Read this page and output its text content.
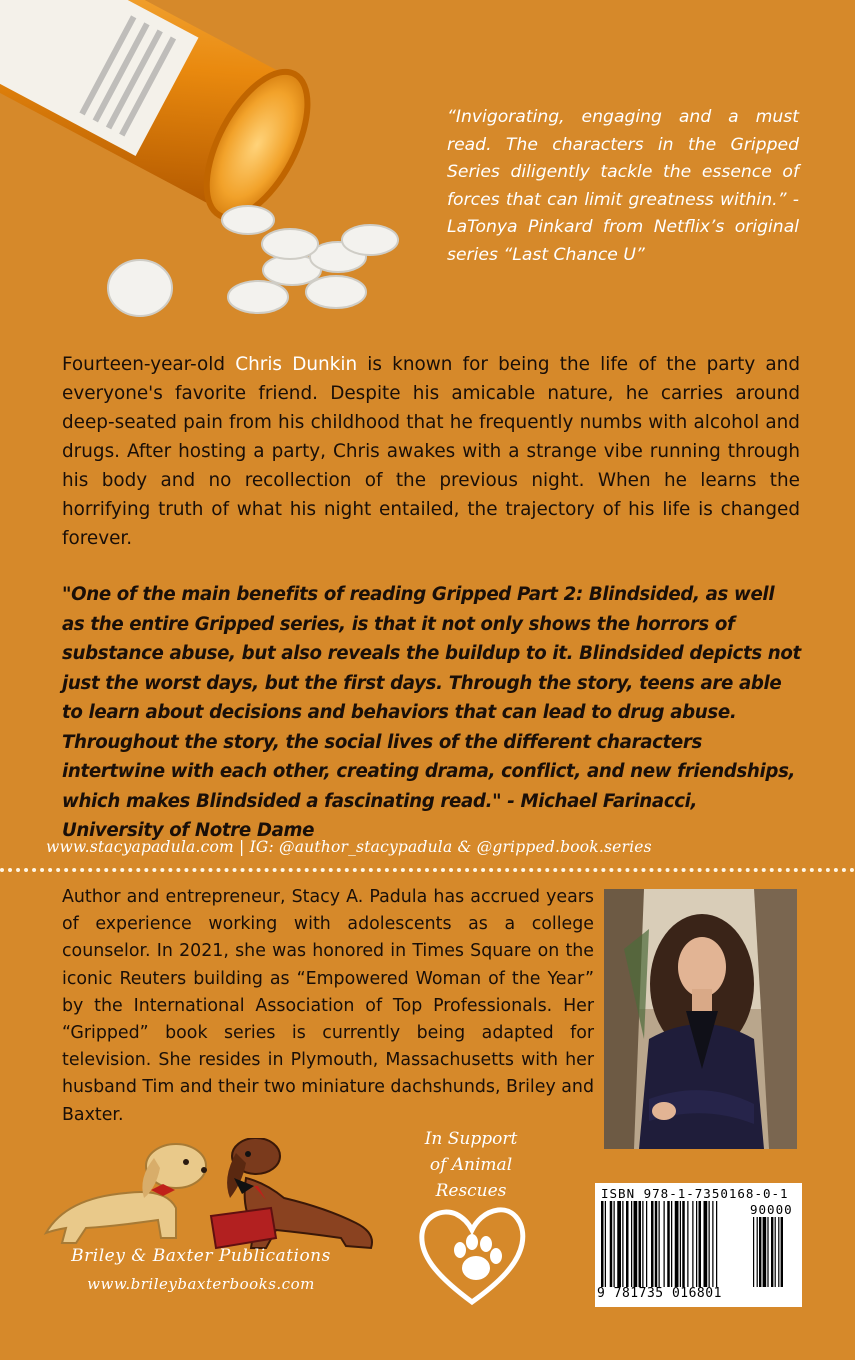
“Invigorating, engaging and a must read. The characters in the Gripped Series diligently tackle the essence of forces that can limit greatness within.” - LaTonya Pinkard from Netflix’s original series “Last Chance U”
Fourteen-year-old Chris Dunkin is known for being the life of the party and everyone's favorite friend. Despite his amicable nature, he carries around deep-seated pain from his childhood that he frequently numbs with alcohol and drugs. After hosting a party, Chris awakes with a strange vibe running through his body and no recollection of the previous night. When he learns the horrifying truth of what his night entailed, the trajectory of his life is changed forever.
"One of the main benefits of reading Gripped Part 2: Blindsided, as well as the entire Gripped series, is that it not only shows the horrors of substance abuse, but also reveals the buildup to it. Blindsided depicts not just the worst days, but the first days. Through the story, teens are able to learn about decisions and behaviors that can lead to drug abuse. Throughout the story, the social lives of the different characters intertwine with each other, creating drama, conflict, and new friendships, which makes Blindsided a fascinating read." - Michael Farinacci, University of Notre Dame
www.stacyapadula.com | IG: @author_stacypadula & @gripped.book.series
Author and entrepreneur, Stacy A. Padula has accrued years of experience working with adolescents as a college counselor. In 2021, she was honored in Times Square on the iconic Reuters building as “Empowered Woman of the Year” by the International Association of Top Professionals. Her “Gripped” book series is currently being adapted for television. She resides in Plymouth, Massachusetts with her husband Tim and their two miniature dachshunds, Briley and Baxter.
In Support
of Animal
Rescues
Briley & Baxter Publications
www.brileybaxterbooks.com
ISBN 978-1-7350168-0-1
90000
9 781735 016801
